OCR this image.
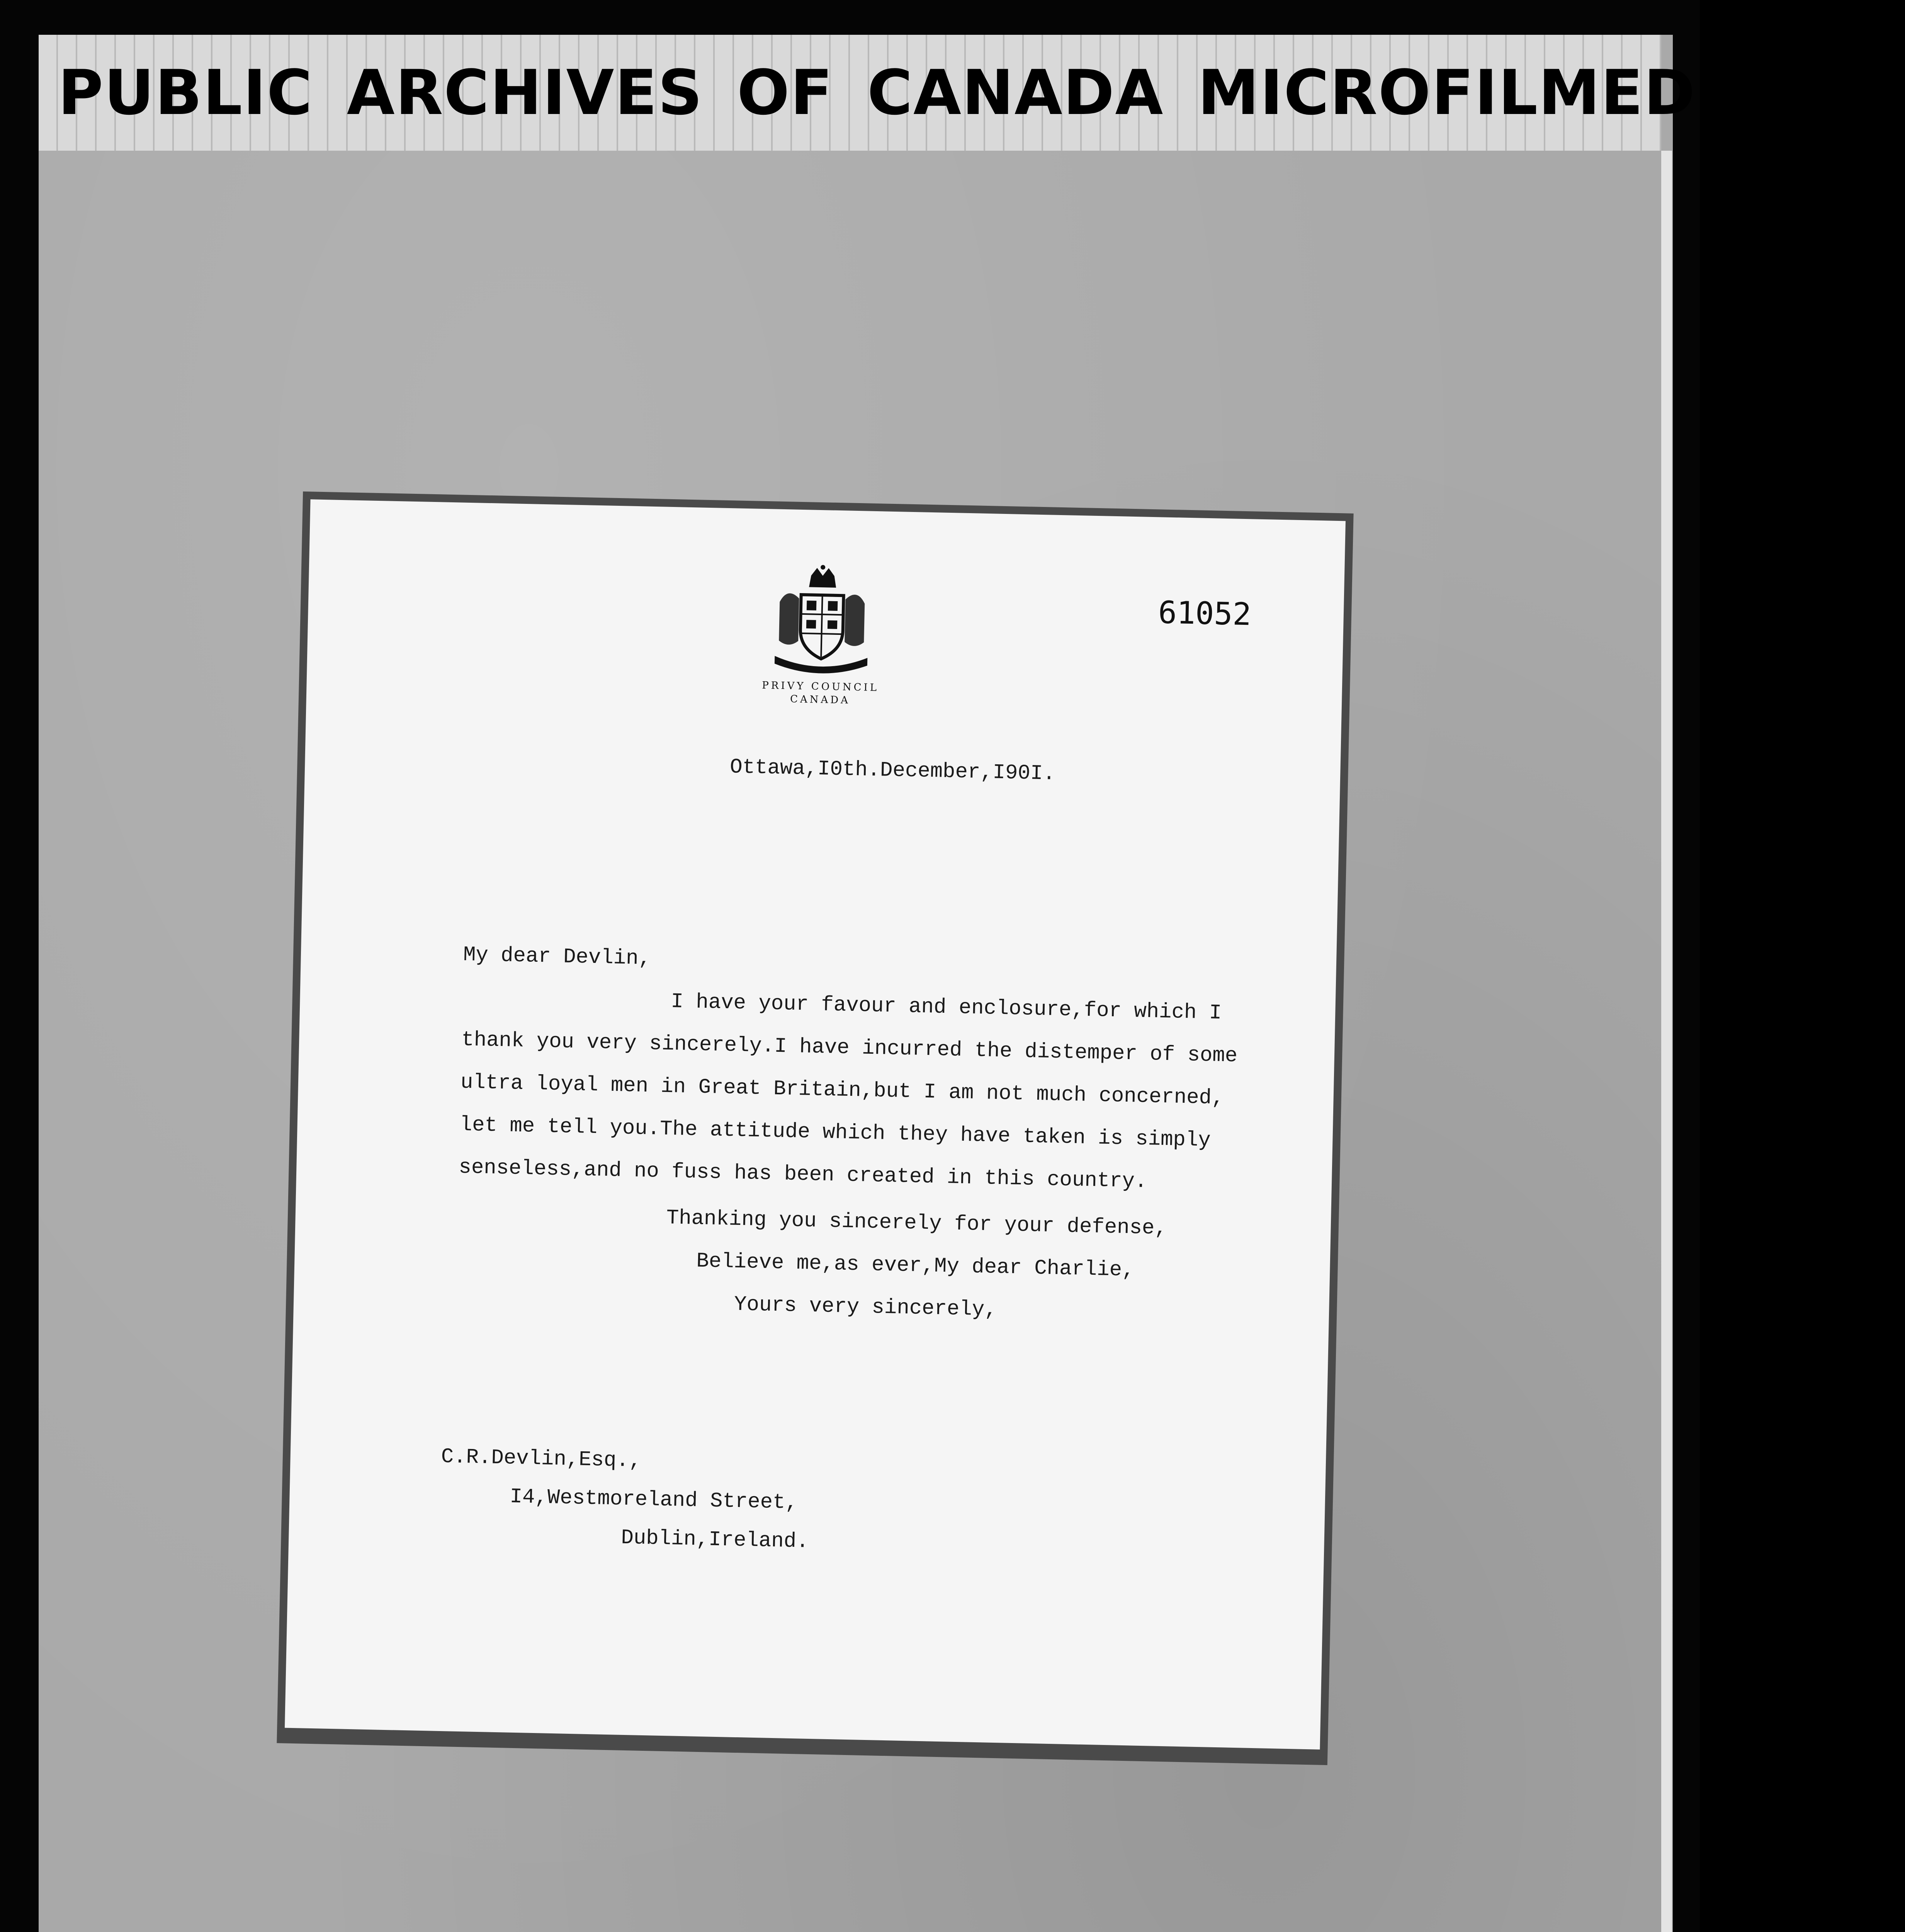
PUBLIC ARCHIVES OF CANADA MICROFILMED 1954
PRIVY COUNCIL
CANADA
61052
Ottawa,I0th.December,I90I.
My dear Devlin,
I have your favour and enclosure,for which I
thank you very sincerely.I have incurred the distemper of some
ultra loyal men in Great Britain,but I am not much concerned,
let me tell you.The attitude which they have taken is simply
senseless,and no fuss has been created in this country.
Thanking you sincerely for your defense,
Believe me,as ever,My dear Charlie,
Yours very sincerely,
C.R.Devlin,Esq.,
I4,Westmoreland Street,
Dublin,Ireland.
